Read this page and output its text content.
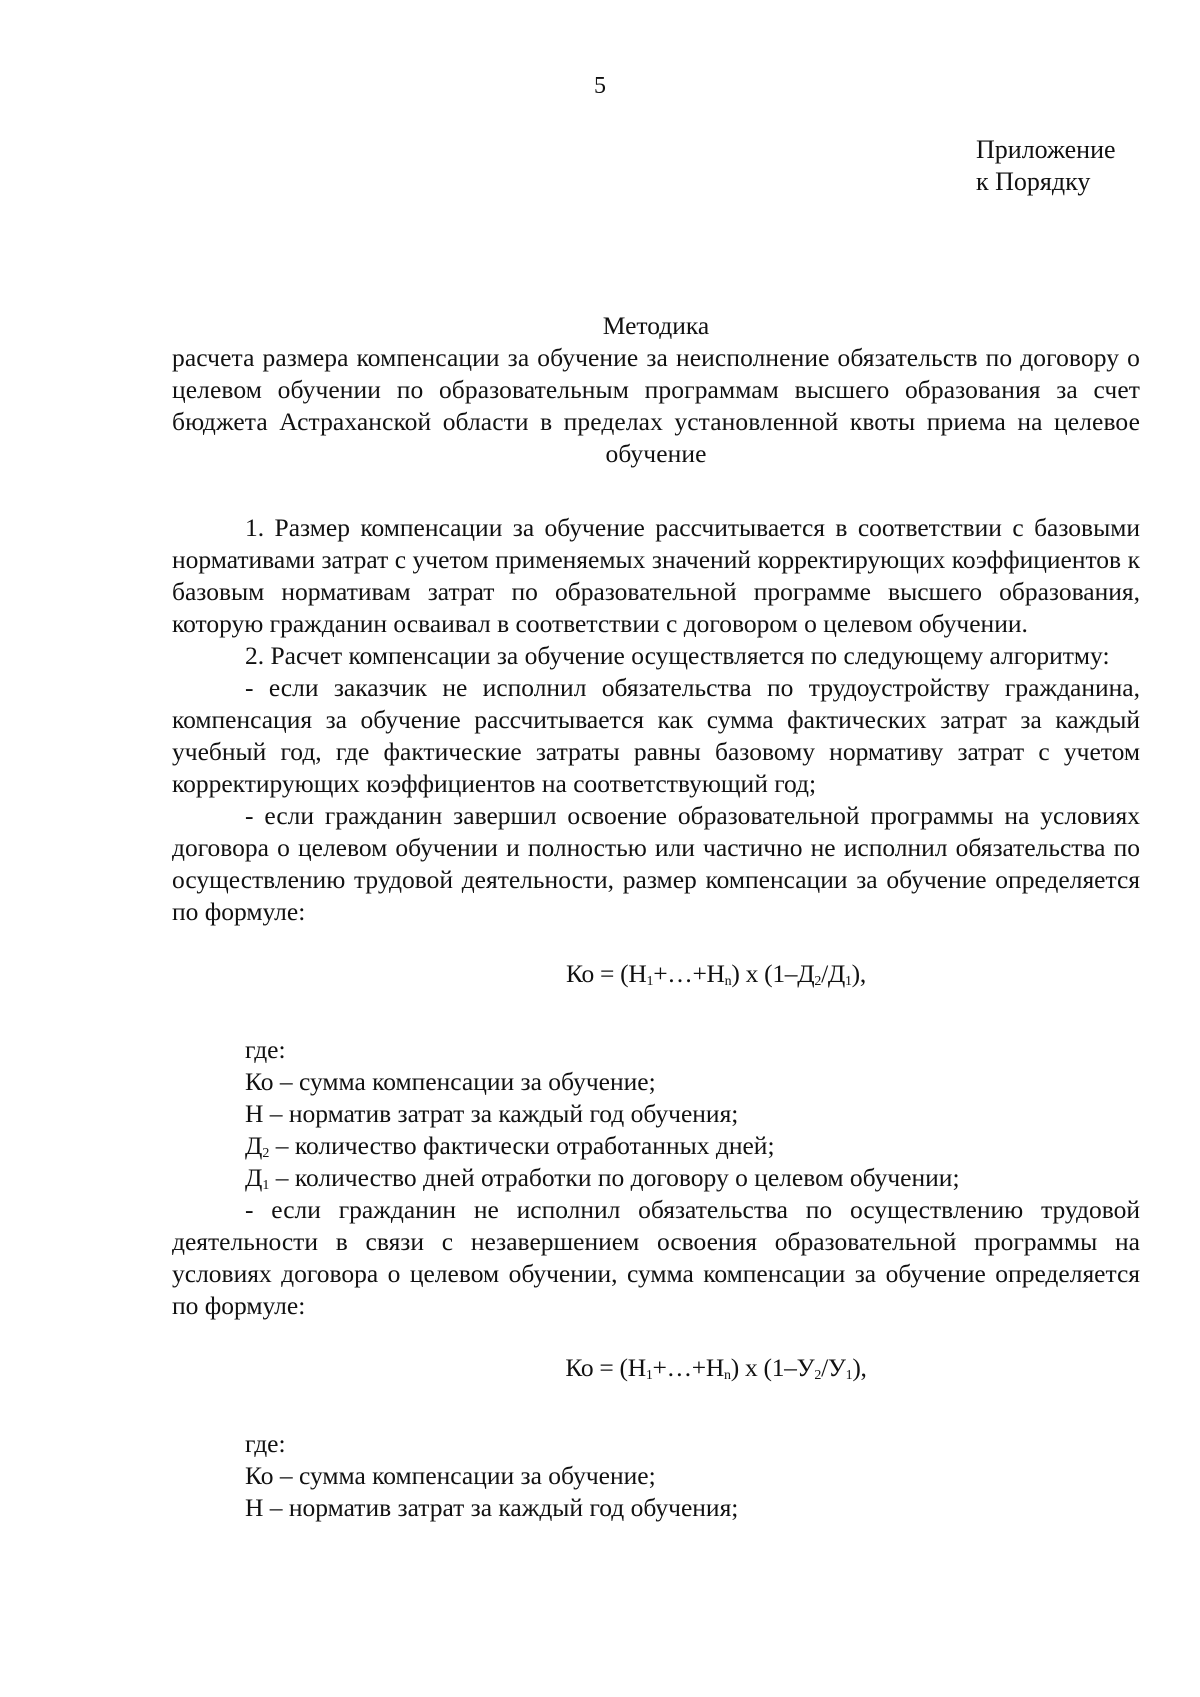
5
Приложение
к Порядку
Методика

расчета размера компенсации за обучение за неисполнение обязательств по договору о целевом обучении по образовательным программам высшего образования за счет бюджета Астраханской области в пределах установленной квоты приема на целевое обучение

1. Размер компенсации за обучение рассчитывается в соответствии с базовыми нормативами затрат с учетом применяемых значений корректирующих коэффициентов к базовым нормативам затрат по образовательной программе высшего образования, которую гражданин осваивал в соответствии с договором о целевом обучении.

2. Расчет компенсации за обучение осуществляется по следующему алгоритму:

- если заказчик не исполнил обязательства по трудоустройству гражданина, компенсация за обучение рассчитывается как сумма фактических затрат за каждый учебный год, где фактические затраты равны базовому нормативу затрат с учетом корректирующих коэффициентов на соответствующий год;

- если гражданин завершил освоение образовательной программы на условиях договора о целевом обучении и полностью или частично не исполнил обязательства по осуществлению трудовой деятельности, размер компенсации за обучение определяется по формуле:

Ко = $(Н_1+\dots+Н_n)$ х $(1-Д_2/Д_1)$,

где:

Ко – сумма компенсации за обучение;

Н – норматив затрат за каждый год обучения;

$Д_2$ – количество фактически отработанных дней;

$Д_1$ – количество дней отработки по договору о целевом обучении;

- если гражданин не исполнил обязательства по осуществлению трудовой деятельности в связи с незавершением освоения образовательной программы на условиях договора о целевом обучении, сумма компенсации за обучение определяется по формуле:

Ко = $(Н_1+\dots+Н_n)$ х $(1-У_2/У_1)$,

где:

Ко – сумма компенсации за обучение;

Н – норматив затрат за каждый год обучения;
